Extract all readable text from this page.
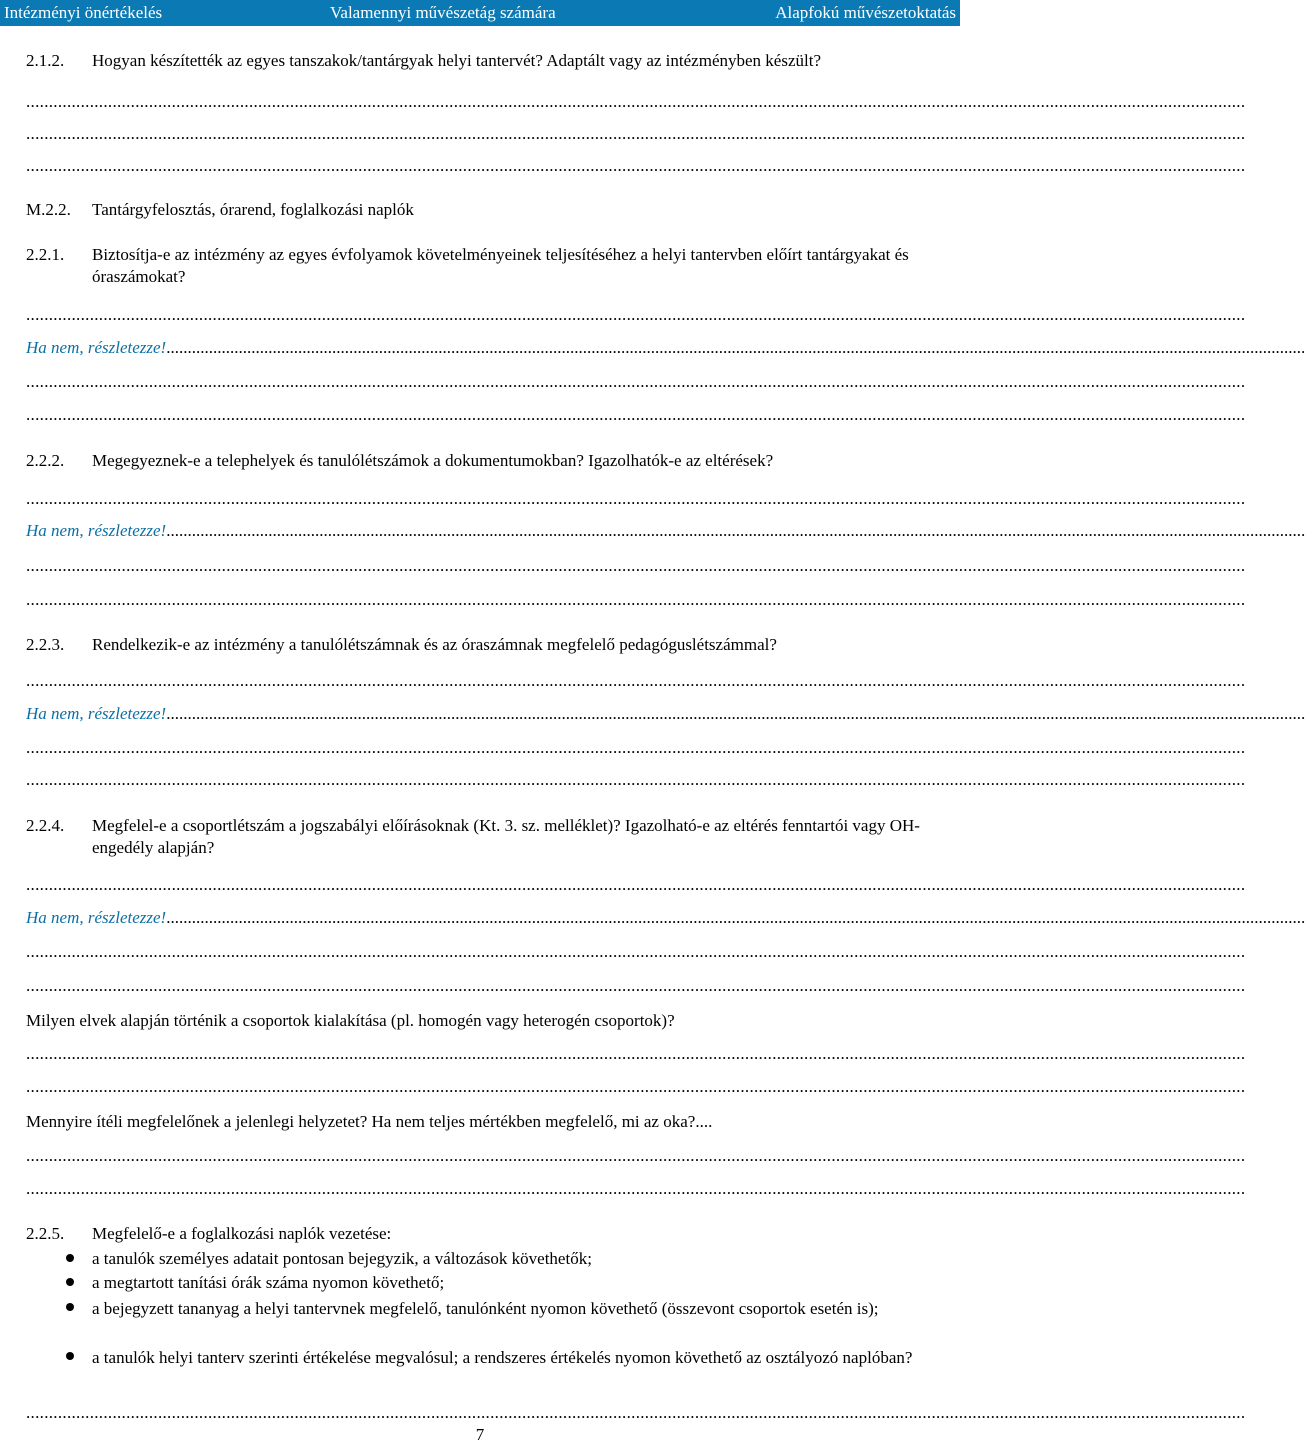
Intézményi önértékelés	Valamennyi művészetág számára	Alapfokú művészetoktatás
2.1.2. Hogyan készítették az egyes tanszakok/tantárgyak helyi tantervét? Adaptált vagy az intézményben készült?
............................................................................................................................................................................................................................................................................
............................................................................................................................................................................................................................................................................
............................................................................................................................................................................................................................................................................
M.2.2. Tantárgyfelosztás, órarend, foglalkozási naplók
2.2.1. Biztosítja-e az intézmény az egyes évfolyamok követelményeinek teljesítéséhez a helyi tantervben előírt tantárgyakat és óraszámokat?
............................................................................................................................................................................................................................................................................
Ha nem, részletezze! ............................................................................................................................................................................................................................................................................
............................................................................................................................................................................................................................................................................
............................................................................................................................................................................................................................................................................
2.2.2. Megegyeznek-e a telephelyek és tanulólétszámok a dokumentumokban? Igazolhatók-e az eltérések?
............................................................................................................................................................................................................................................................................
Ha nem, részletezze! ............................................................................................................................................................................................................................................................................
............................................................................................................................................................................................................................................................................
............................................................................................................................................................................................................................................................................
2.2.3. Rendelkezik-e az intézmény a tanulólétszámnak és az óraszámnak megfelelő pedagóguslétszámmal?
............................................................................................................................................................................................................................................................................
Ha nem, részletezze! ............................................................................................................................................................................................................................................................................
............................................................................................................................................................................................................................................................................
............................................................................................................................................................................................................................................................................
2.2.4. Megfelel-e a csoportlétszám a jogszabályi előírásoknak (Kt. 3. sz. melléklet)? Igazolható-e az eltérés fenntartói vagy OH-engedély alapján?
............................................................................................................................................................................................................................................................................
Ha nem, részletezze! ............................................................................................................................................................................................................................................................................
............................................................................................................................................................................................................................................................................
............................................................................................................................................................................................................................................................................
Milyen elvek alapján történik a csoportok kialakítása (pl. homogén vagy heterogén csoportok)?
............................................................................................................................................................................................................................................................................
............................................................................................................................................................................................................................................................................
Mennyire ítéli megfelelőnek a jelenlegi helyzetet? Ha nem teljes mértékben megfelelő, mi az oka? ....
............................................................................................................................................................................................................................................................................
............................................................................................................................................................................................................................................................................
2.2.5. Megfelelő-e a foglalkozási naplók vezetése:
a tanulók személyes adatait pontosan bejegyzik, a változások követhetők;
a megtartott tanítási órák száma nyomon követhető;
a bejegyzett tananyag a helyi tantervnek megfelelő, tanulónként nyomon követhető (összevont csoportok esetén is);
a tanulók helyi tanterv szerinti értékelése megvalósul; a rendszeres értékelés nyomon követhető az osztályozó naplóban?
............................................................................................................................................................................................................................................................................
7
